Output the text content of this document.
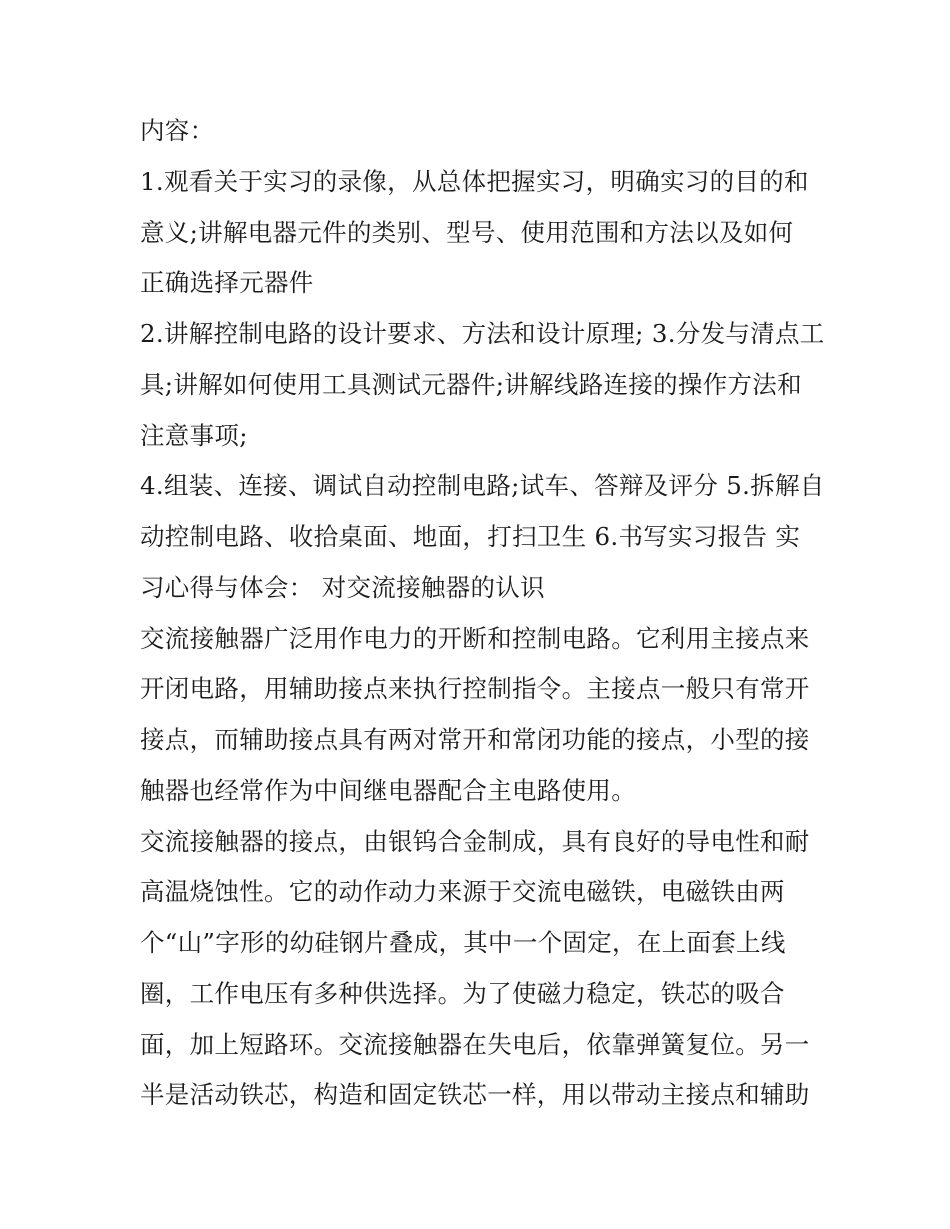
内容：
1.观看关于实习的录像，从总体把握实习，明确实习的目的和
意义;讲解电器元件的类别、型号、使用范围和方法以及如何
正确选择元器件
2.讲解控制电路的设计要求、方法和设计原理; 3.分发与清点工
具;讲解如何使用工具测试元器件;讲解线路连接的操作方法和
注意事项;
4.组装、连接、调试自动控制电路;试车、答辩及评分 5.拆解自
动控制电路、收拾桌面、地面，打扫卫生 6.书写实习报告 实
习心得与体会： 对交流接触器的认识
交流接触器广泛用作电力的开断和控制电路。它利用主接点来
开闭电路，用辅助接点来执行控制指令。主接点一般只有常开
接点，而辅助接点具有两对常开和常闭功能的接点，小型的接
触器也经常作为中间继电器配合主电路使用。
交流接触器的接点，由银钨合金制成，具有良好的导电性和耐
高温烧蚀性。它的动作动力来源于交流电磁铁，电磁铁由两
个“山”字形的幼硅钢片叠成，其中一个固定，在上面套上线
圈，工作电压有多种供选择。为了使磁力稳定，铁芯的吸合
面，加上短路环。交流接触器在失电后，依靠弹簧复位。另一
半是活动铁芯，构造和固定铁芯一样，用以带动主接点和辅助
